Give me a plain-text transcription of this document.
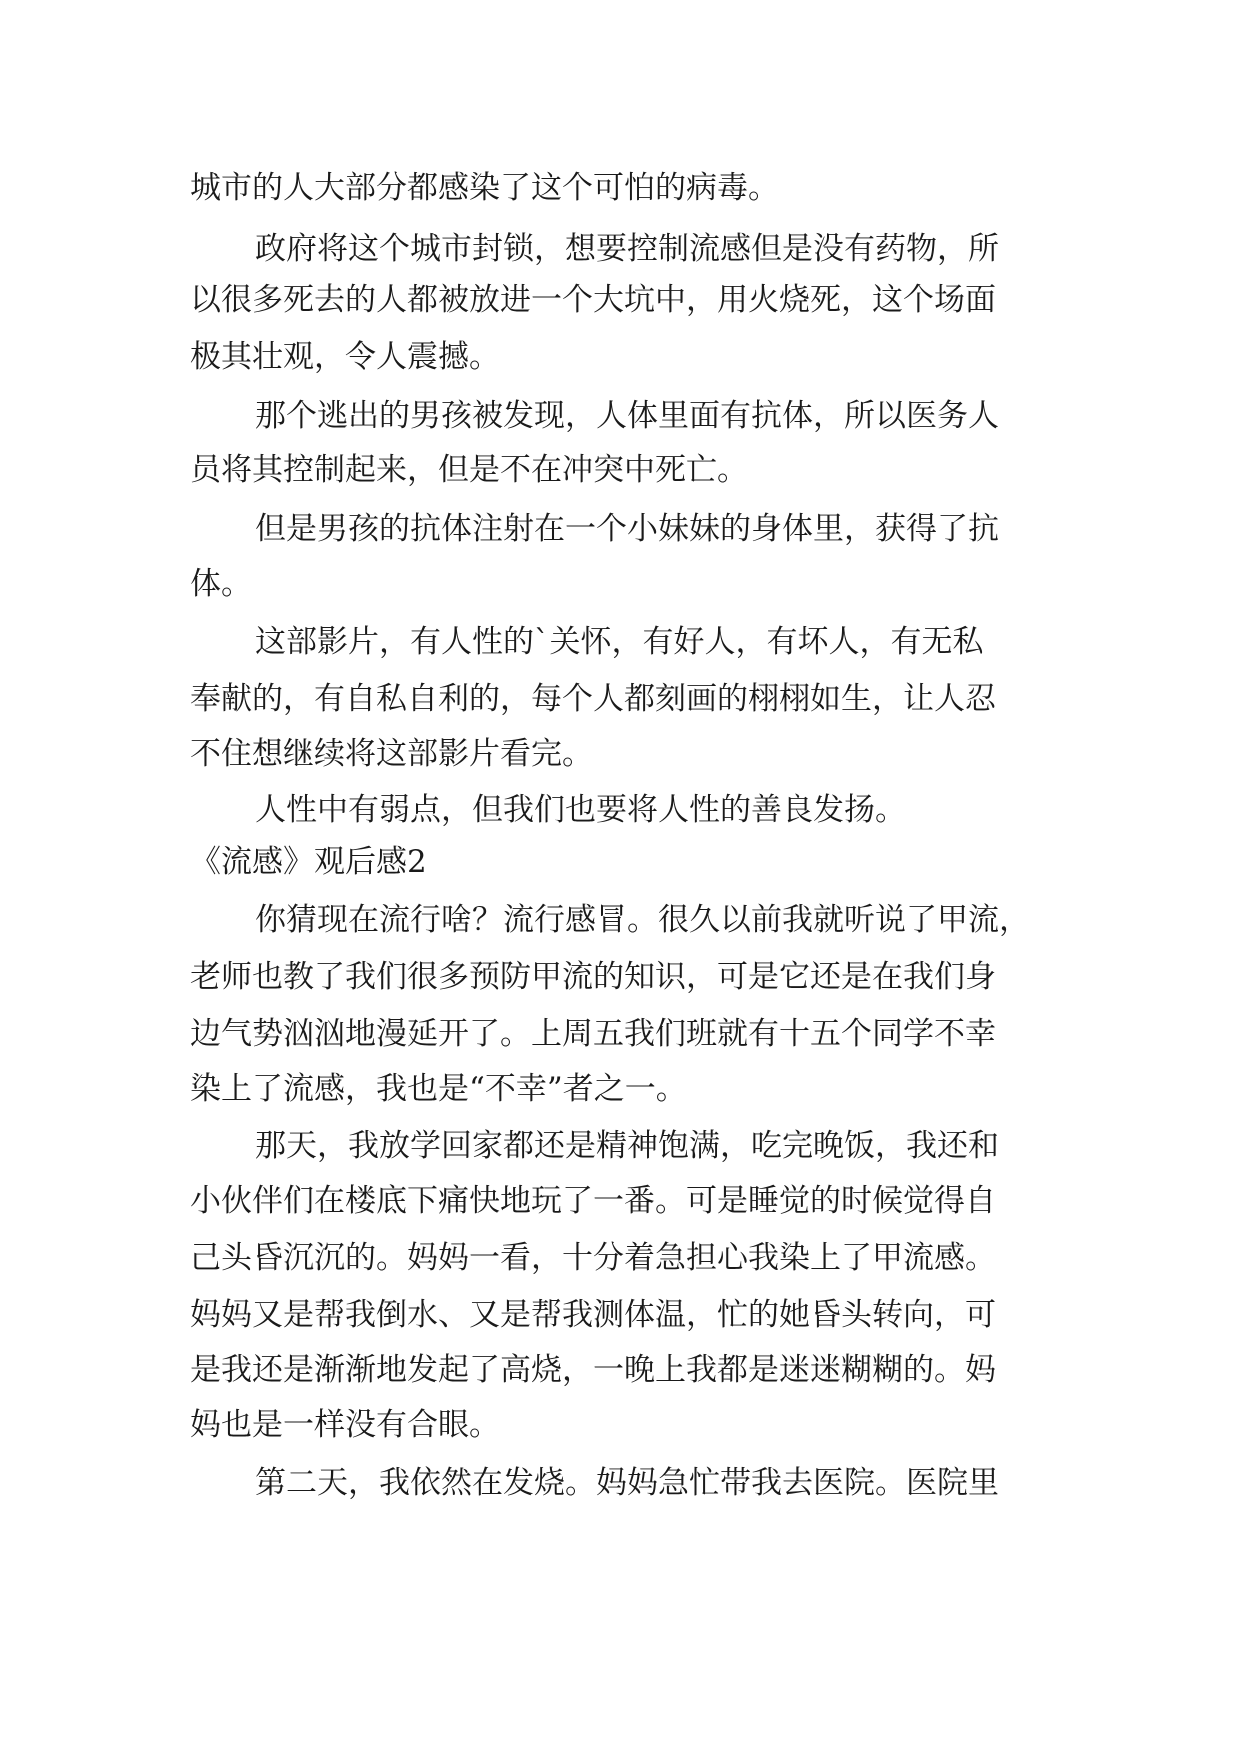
城市的人大部分都感染了这个可怕的病毒。

政府将这个城市封锁，想要控制流感但是没有药物，所

以很多死去的人都被放进一个大坑中，用火烧死，这个场面

极其壮观，令人震撼。

那个逃出的男孩被发现，人体里面有抗体，所以医务人

员将其控制起来，但是不在冲突中死亡。

但是男孩的抗体注射在一个小妹妹的身体里，获得了抗

体。

这部影片，有人性的`关怀，有好人，有坏人，有无私

奉献的，有自私自利的，每个人都刻画的栩栩如生，让人忍

不住想继续将这部影片看完。

人性中有弱点，但我们也要将人性的善良发扬。

《流感》观后感2

你猜现在流行啥？流行感冒。很久以前我就听说了甲流，

老师也教了我们很多预防甲流的知识，可是它还是在我们身

边气势汹汹地漫延开了。上周五我们班就有十五个同学不幸

染上了流感，我也是“不幸”者之一。

那天，我放学回家都还是精神饱满，吃完晚饭，我还和

小伙伴们在楼底下痛快地玩了一番。可是睡觉的时候觉得自

己头昏沉沉的。妈妈一看，十分着急担心我染上了甲流感。

妈妈又是帮我倒水、又是帮我测体温，忙的她昏头转向，可

是我还是渐渐地发起了高烧，一晚上我都是迷迷糊糊的。妈

妈也是一样没有合眼。

第二天，我依然在发烧。妈妈急忙带我去医院。医院里
